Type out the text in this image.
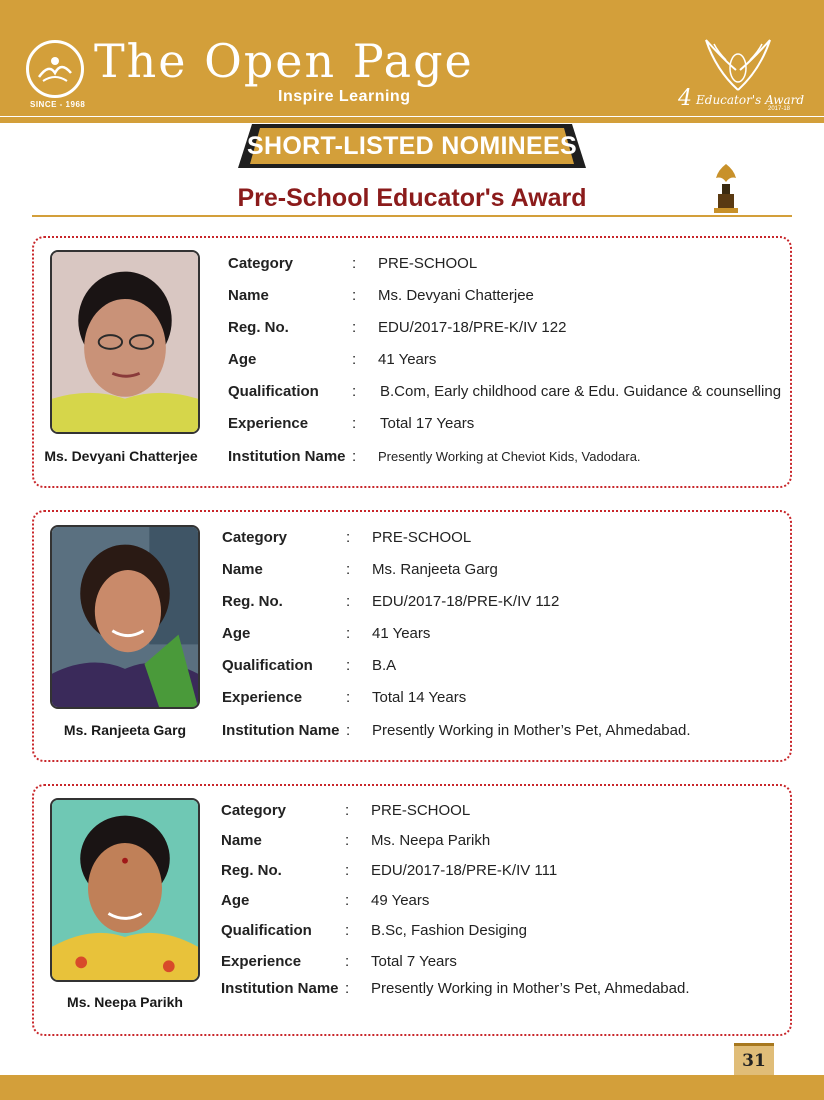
SINCE - 1968
The Open Page
Inspire Learning	4 Educator's Award
2017-18
SHORT-LISTED NOMINEES
Pre-School Educator's Award
Ms. Devyani Chatterjee
Category	: PRE-SCHOOL
Name	: Ms. Devyani Chatterjee
Reg. No.	: EDU/2017-18/PRE-K/IV 122
Age	: 41 Years
Qualification : B.Com, Early childhood care & Edu. Guidance & counselling
Experience	: Total 17 Years
Institution Name : Presently Working at Cheviot Kids, Vadodara.
Ms. Ranjeeta Garg
Category	: PRE-SCHOOL
Name	: Ms. Ranjeeta Garg
Reg. No.	: EDU/2017-18/PRE-K/IV 112
Age	: 41 Years
Qualification : B.A
Experience	: Total 14 Years
Institution Name : Presently Working in Mother’s Pet, Ahmedabad.
Ms. Neepa Parikh
Category	: PRE-SCHOOL
Name	: Ms. Neepa Parikh
Reg. No.	: EDU/2017-18/PRE-K/IV 111
Age	: 49 Years
Qualification : B.Sc, Fashion Desiging
Experience	: Total 7 Years
Institution Name : Presently Working in Mother’s Pet, Ahmedabad.
31
